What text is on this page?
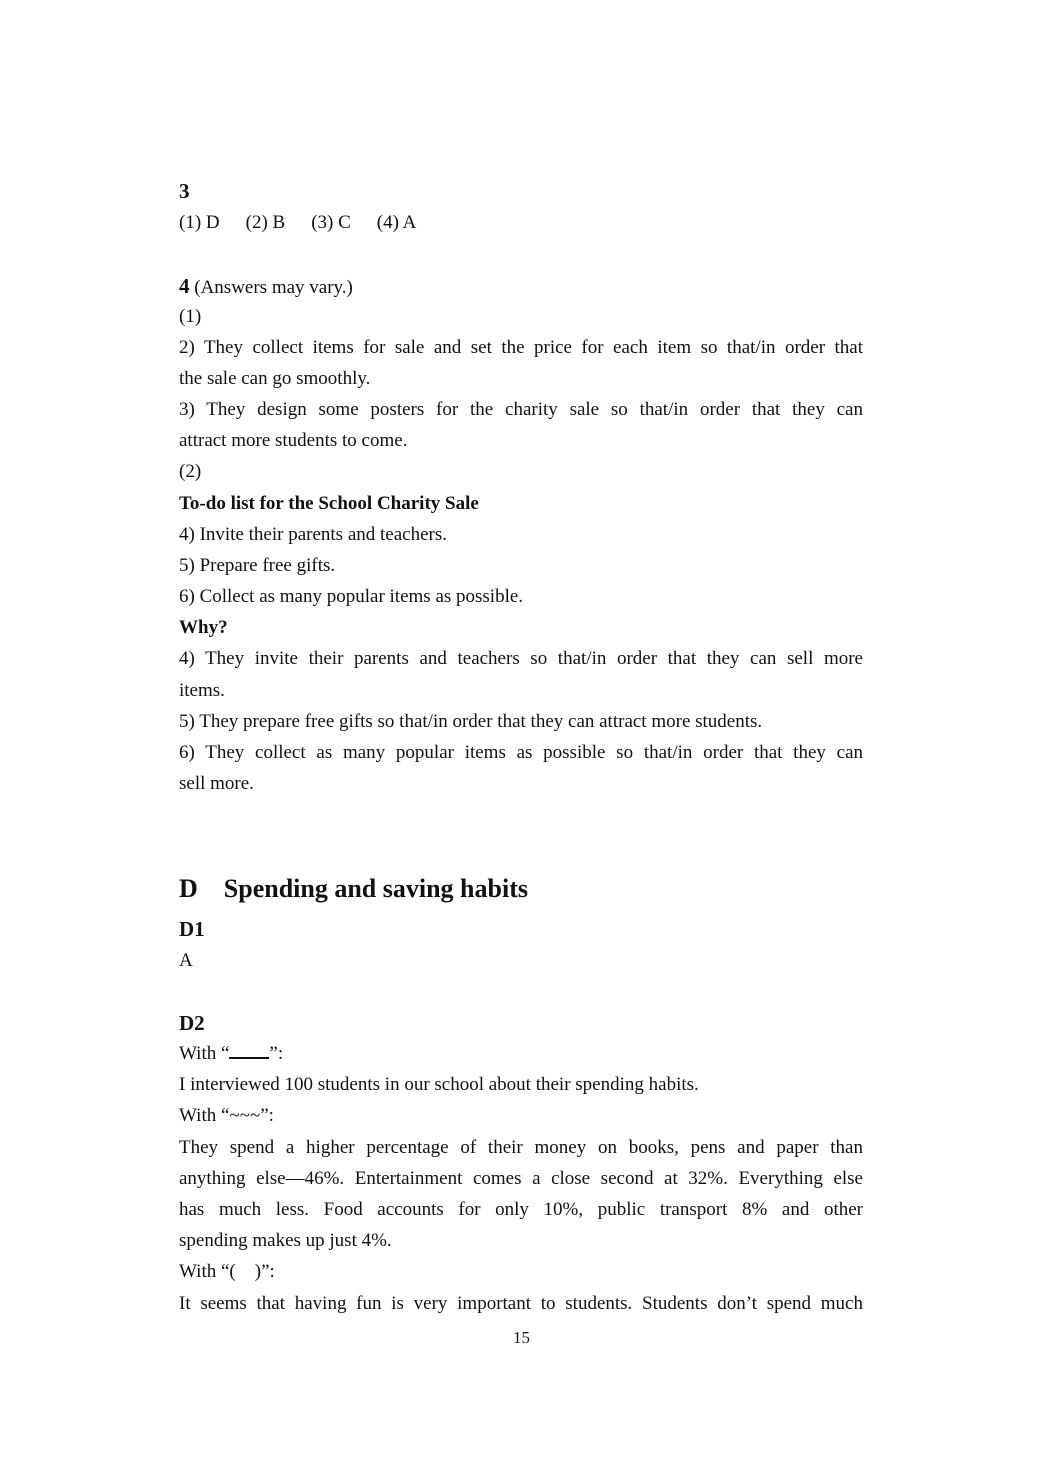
3
(1) D (2) B (3) C (4) A
4 (Answers may vary.)
(1)
2) They collect items for sale and set the price for each item so that/in order that
the sale can go smoothly.
3) They design some posters for the charity sale so that/in order that they can
attract more students to come.
(2)
To-do list for the School Charity Sale
4) Invite their parents and teachers.
5) Prepare free gifts.
6) Collect as many popular items as possible.
Why?
4) They invite their parents and teachers so that/in order that they can sell more
items.
5) They prepare free gifts so that/in order that they can attract more students.
6) They collect as many popular items as possible so that/in order that they can
sell more.
D    Spending and saving habits
D1
A
D2
With “ ”:
I interviewed 100 students in our school about their spending habits.
With “~~~”:
They spend a higher percentage of their money on books, pens and paper than
anything else—46%. Entertainment comes a close second at 32%. Everything else
has much less. Food accounts for only 10%, public transport 8% and other
spending makes up just 4%.
With “(    )”:
It seems that having fun is very important to students. Students don’t spend much
15
